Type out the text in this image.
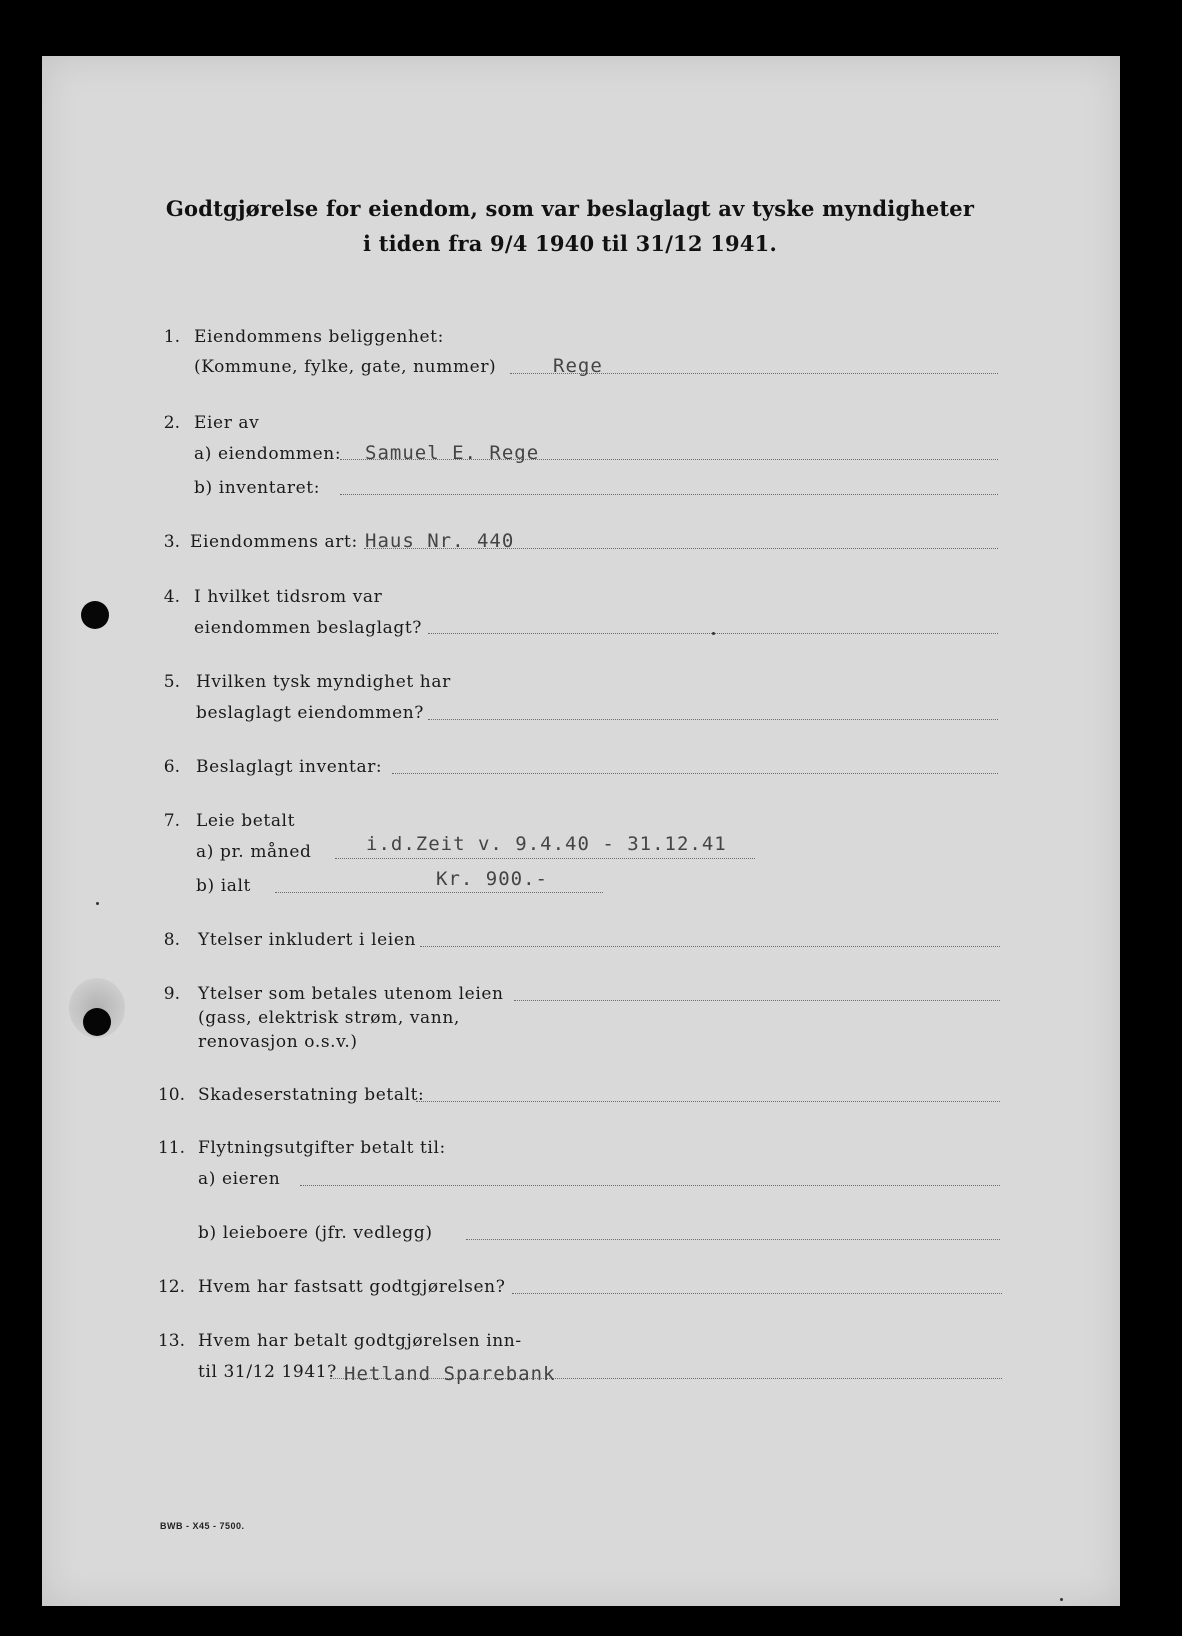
Godtgjørelse for eiendom, som var beslaglagt av tyske myndigheter
i tiden fra 9/4 1940 til 31/12 1941.
1. Eiendommens beliggenhet:
(Kommune, fylke, gate, nummer)	Rege
2. Eier av
a) eiendommen: Samuel E. Rege
b) inventaret:
3. Eiendommens art: Haus Nr. 440
4. I hvilket tidsrom var
eiendommen beslaglagt?
5. Hvilken tysk myndighet har
beslaglagt eiendommen?
6. Beslaglagt inventar:
7. Leie betalt
a) pr. måned	i.d.Zeit v. 9.4.40 - 31.12.41
b) ialt	Kr. 900.-
8. Ytelser inkludert i leien
9. Ytelser som betales utenom leien
(gass, elektrisk strøm, vann,
renovasjon o.s.v.)
10. Skadeserstatning betalt:
11. Flytningsutgifter betalt til:
a) eieren
b) leieboere (jfr. vedlegg)
12. Hvem har fastsatt godtgjørelsen?
13. Hvem har betalt godtgjørelsen inn-
til 31/12 1941? Hetland Sparebank
BWB - X45 - 7500.
